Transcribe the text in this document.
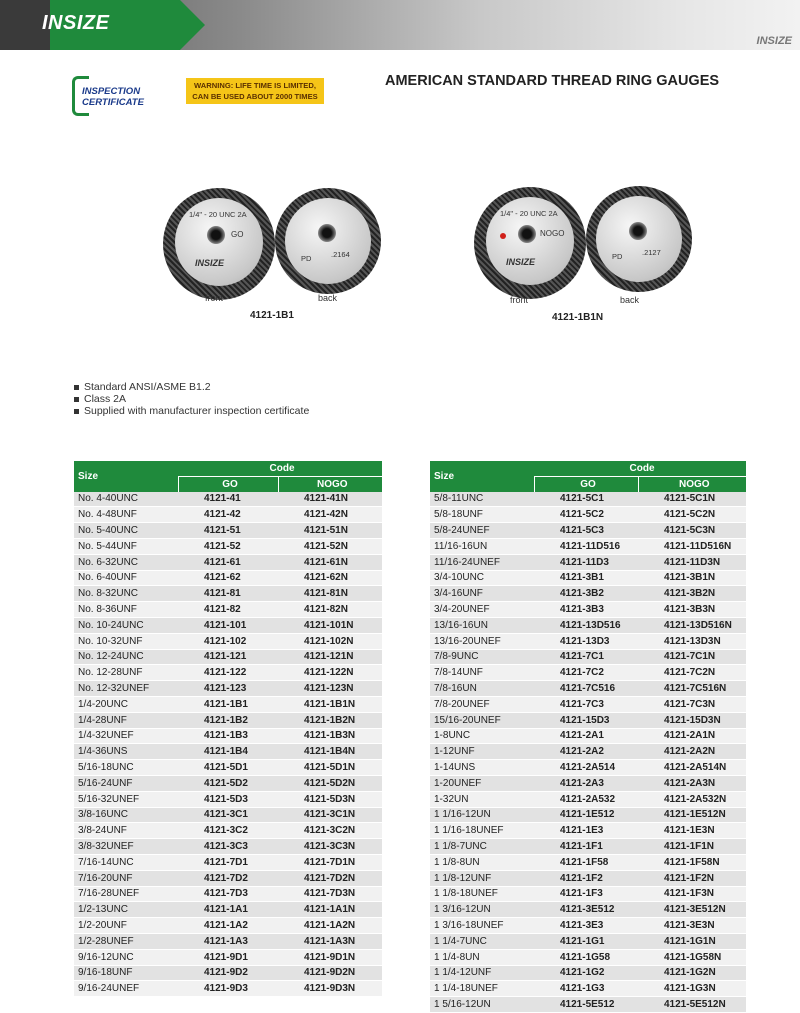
INSIZE
INSIZE
INSPECTION
CERTIFICATE
WARNING: LIFE TIME IS LIMITED,
CAN BE USED ABOUT 2000 TIMES
AMERICAN STANDARD THREAD RING GAUGES
1/4" - 20 UNC 2A
GO
INSIZE	PD	.2164
front	back
4121-1B1
1/4" - 20 UNC 2A
NOGO
INSIZE
PD	.2127
front	back
4121-1B1N
Standard ANSI/ASME B1.2
Class 2A
Supplied with manufacturer inspection certificate
Size	Code	
	GO	NOGO
No. 4-40UNC	4121-41	4121-41N
No. 4-48UNF	4121-42	4121-42N
No. 5-40UNC	4121-51	4121-51N
No. 5-44UNF	4121-52	4121-52N
No. 6-32UNC	4121-61	4121-61N
No. 6-40UNF	4121-62	4121-62N
No. 8-32UNC	4121-81	4121-81N
No. 8-36UNF	4121-82	4121-82N
No. 10-24UNC	4121-101	4121-101N
No. 10-32UNF	4121-102	4121-102N
No. 12-24UNC	4121-121	4121-121N
No. 12-28UNF	4121-122	4121-122N
No. 12-32UNEF	4121-123	4121-123N
1/4-20UNC	4121-1B1	4121-1B1N
1/4-28UNF	4121-1B2	4121-1B2N
1/4-32UNEF	4121-1B3	4121-1B3N
1/4-36UNS	4121-1B4	4121-1B4N
5/16-18UNC	4121-5D1	4121-5D1N
5/16-24UNF	4121-5D2	4121-5D2N
5/16-32UNEF	4121-5D3	4121-5D3N
3/8-16UNC	4121-3C1	4121-3C1N
3/8-24UNF	4121-3C2	4121-3C2N
3/8-32UNEF	4121-3C3	4121-3C3N
7/16-14UNC	4121-7D1	4121-7D1N
7/16-20UNF	4121-7D2	4121-7D2N
7/16-28UNEF	4121-7D3	4121-7D3N
1/2-13UNC	4121-1A1	4121-1A1N
1/2-20UNF	4121-1A2	4121-1A2N
1/2-28UNEF	4121-1A3	4121-1A3N
9/16-12UNC	4121-9D1	4121-9D1N
9/16-18UNF	4121-9D2	4121-9D2N
9/16-24UNEF	4121-9D3	4121-9D3N
Size	Code	
	GO	NOGO
5/8-11UNC	4121-5C1	4121-5C1N
5/8-18UNF	4121-5C2	4121-5C2N
5/8-24UNEF	4121-5C3	4121-5C3N
11/16-16UN	4121-11D516	4121-11D516N
11/16-24UNEF	4121-11D3	4121-11D3N
3/4-10UNC	4121-3B1	4121-3B1N
3/4-16UNF	4121-3B2	4121-3B2N
3/4-20UNEF	4121-3B3	4121-3B3N
13/16-16UN	4121-13D516	4121-13D516N
13/16-20UNEF	4121-13D3	4121-13D3N
7/8-9UNC	4121-7C1	4121-7C1N
7/8-14UNF	4121-7C2	4121-7C2N
7/8-16UN	4121-7C516	4121-7C516N
7/8-20UNEF	4121-7C3	4121-7C3N
15/16-20UNEF	4121-15D3	4121-15D3N
1-8UNC	4121-2A1	4121-2A1N
1-12UNF	4121-2A2	4121-2A2N
1-14UNS	4121-2A514	4121-2A514N
1-20UNEF	4121-2A3	4121-2A3N
1-32UN	4121-2A532	4121-2A532N
1 1/16-12UN	4121-1E512	4121-1E512N
1 1/16-18UNEF	4121-1E3	4121-1E3N
1 1/8-7UNC	4121-1F1	4121-1F1N
1 1/8-8UN	4121-1F58	4121-1F58N
1 1/8-12UNF	4121-1F2	4121-1F2N
1 1/8-18UNEF	4121-1F3	4121-1F3N
1 3/16-12UN	4121-3E512	4121-3E512N
1 3/16-18UNEF	4121-3E3	4121-3E3N
1 1/4-7UNC	4121-1G1	4121-1G1N
1 1/4-8UN	4121-1G58	4121-1G58N
1 1/4-12UNF	4121-1G2	4121-1G2N
1 1/4-18UNEF	4121-1G3	4121-1G3N
1 5/16-12UN	4121-5E512	4121-5E512N
